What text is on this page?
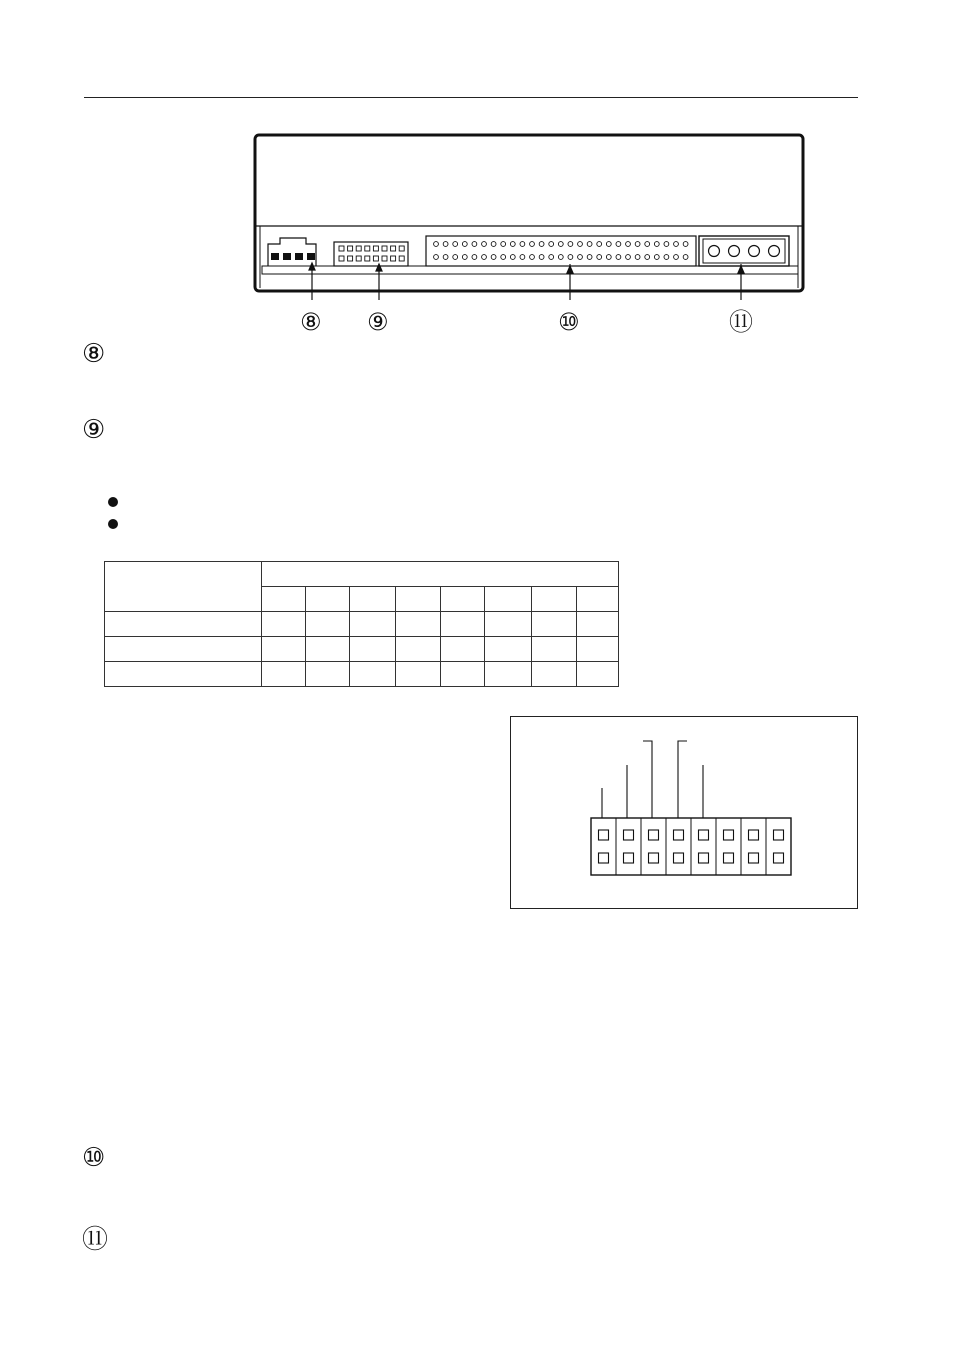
⑧ ⑨	⑩	⑪
⑧
⑨

⑩
⑪
